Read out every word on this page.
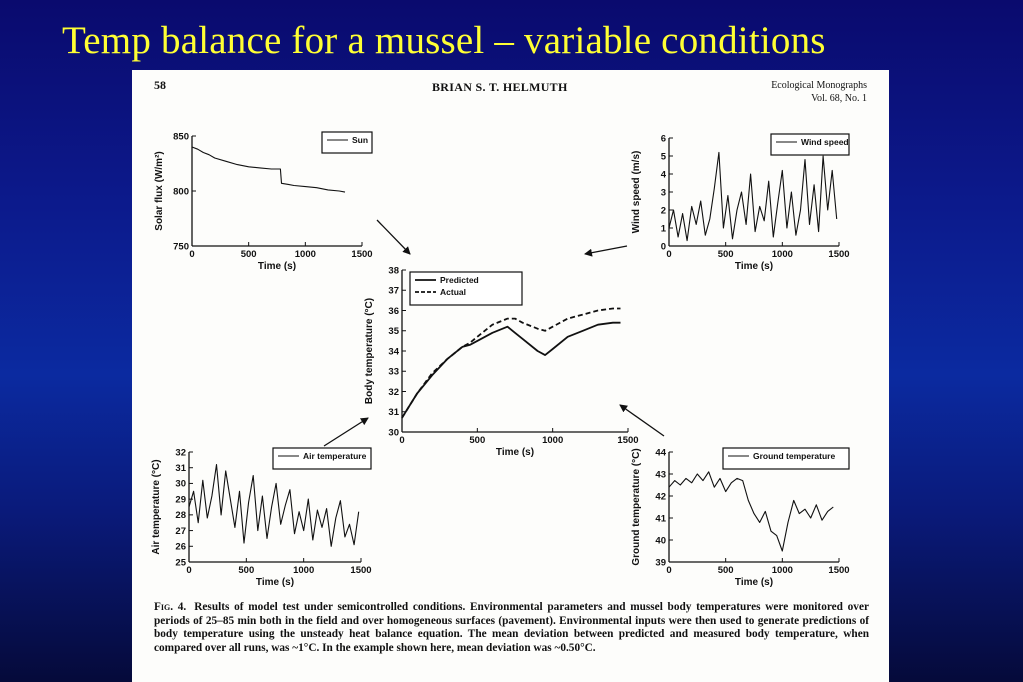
Temp balance for a mussel – variable conditions
58	BRIAN S. T. HELMUTH	Ecological Monographs
Vol. 68, No. 1
0	500	1000	1500
750
800
850
Time (s)
Solar flux (W/m²)
Sun
0	500	1000	1500
0
1
2
3
4
5
6
Time (s)
Wind speed (m/s)
Wind speed
0	500	1000	1500
30
31
32
33
34
35
36
37
38
Time (s)
Body temperature (°C)
Predicted
Actual
0	500	1000	1500
25
26
27
28
29
30
31
32
Time (s)
Air temperature (°C)
Air temperature
0	500	1000	1500
39
40
41
42
43
44
Time (s)
Ground temperature (°C)	Ground temperature
Fig. 4. Results of model test under semicontrolled conditions. Environmental parameters and mussel body temperatures were monitored over periods of 25–85 min both in the field and over homogeneous surfaces (pavement). Environmental inputs were then used to generate predictions of body temperature using the unsteady heat balance equation. The mean deviation between predicted and measured body temperature, when compared over all runs, was ~1°C. In the example shown here, mean deviation was ~0.50°C.
